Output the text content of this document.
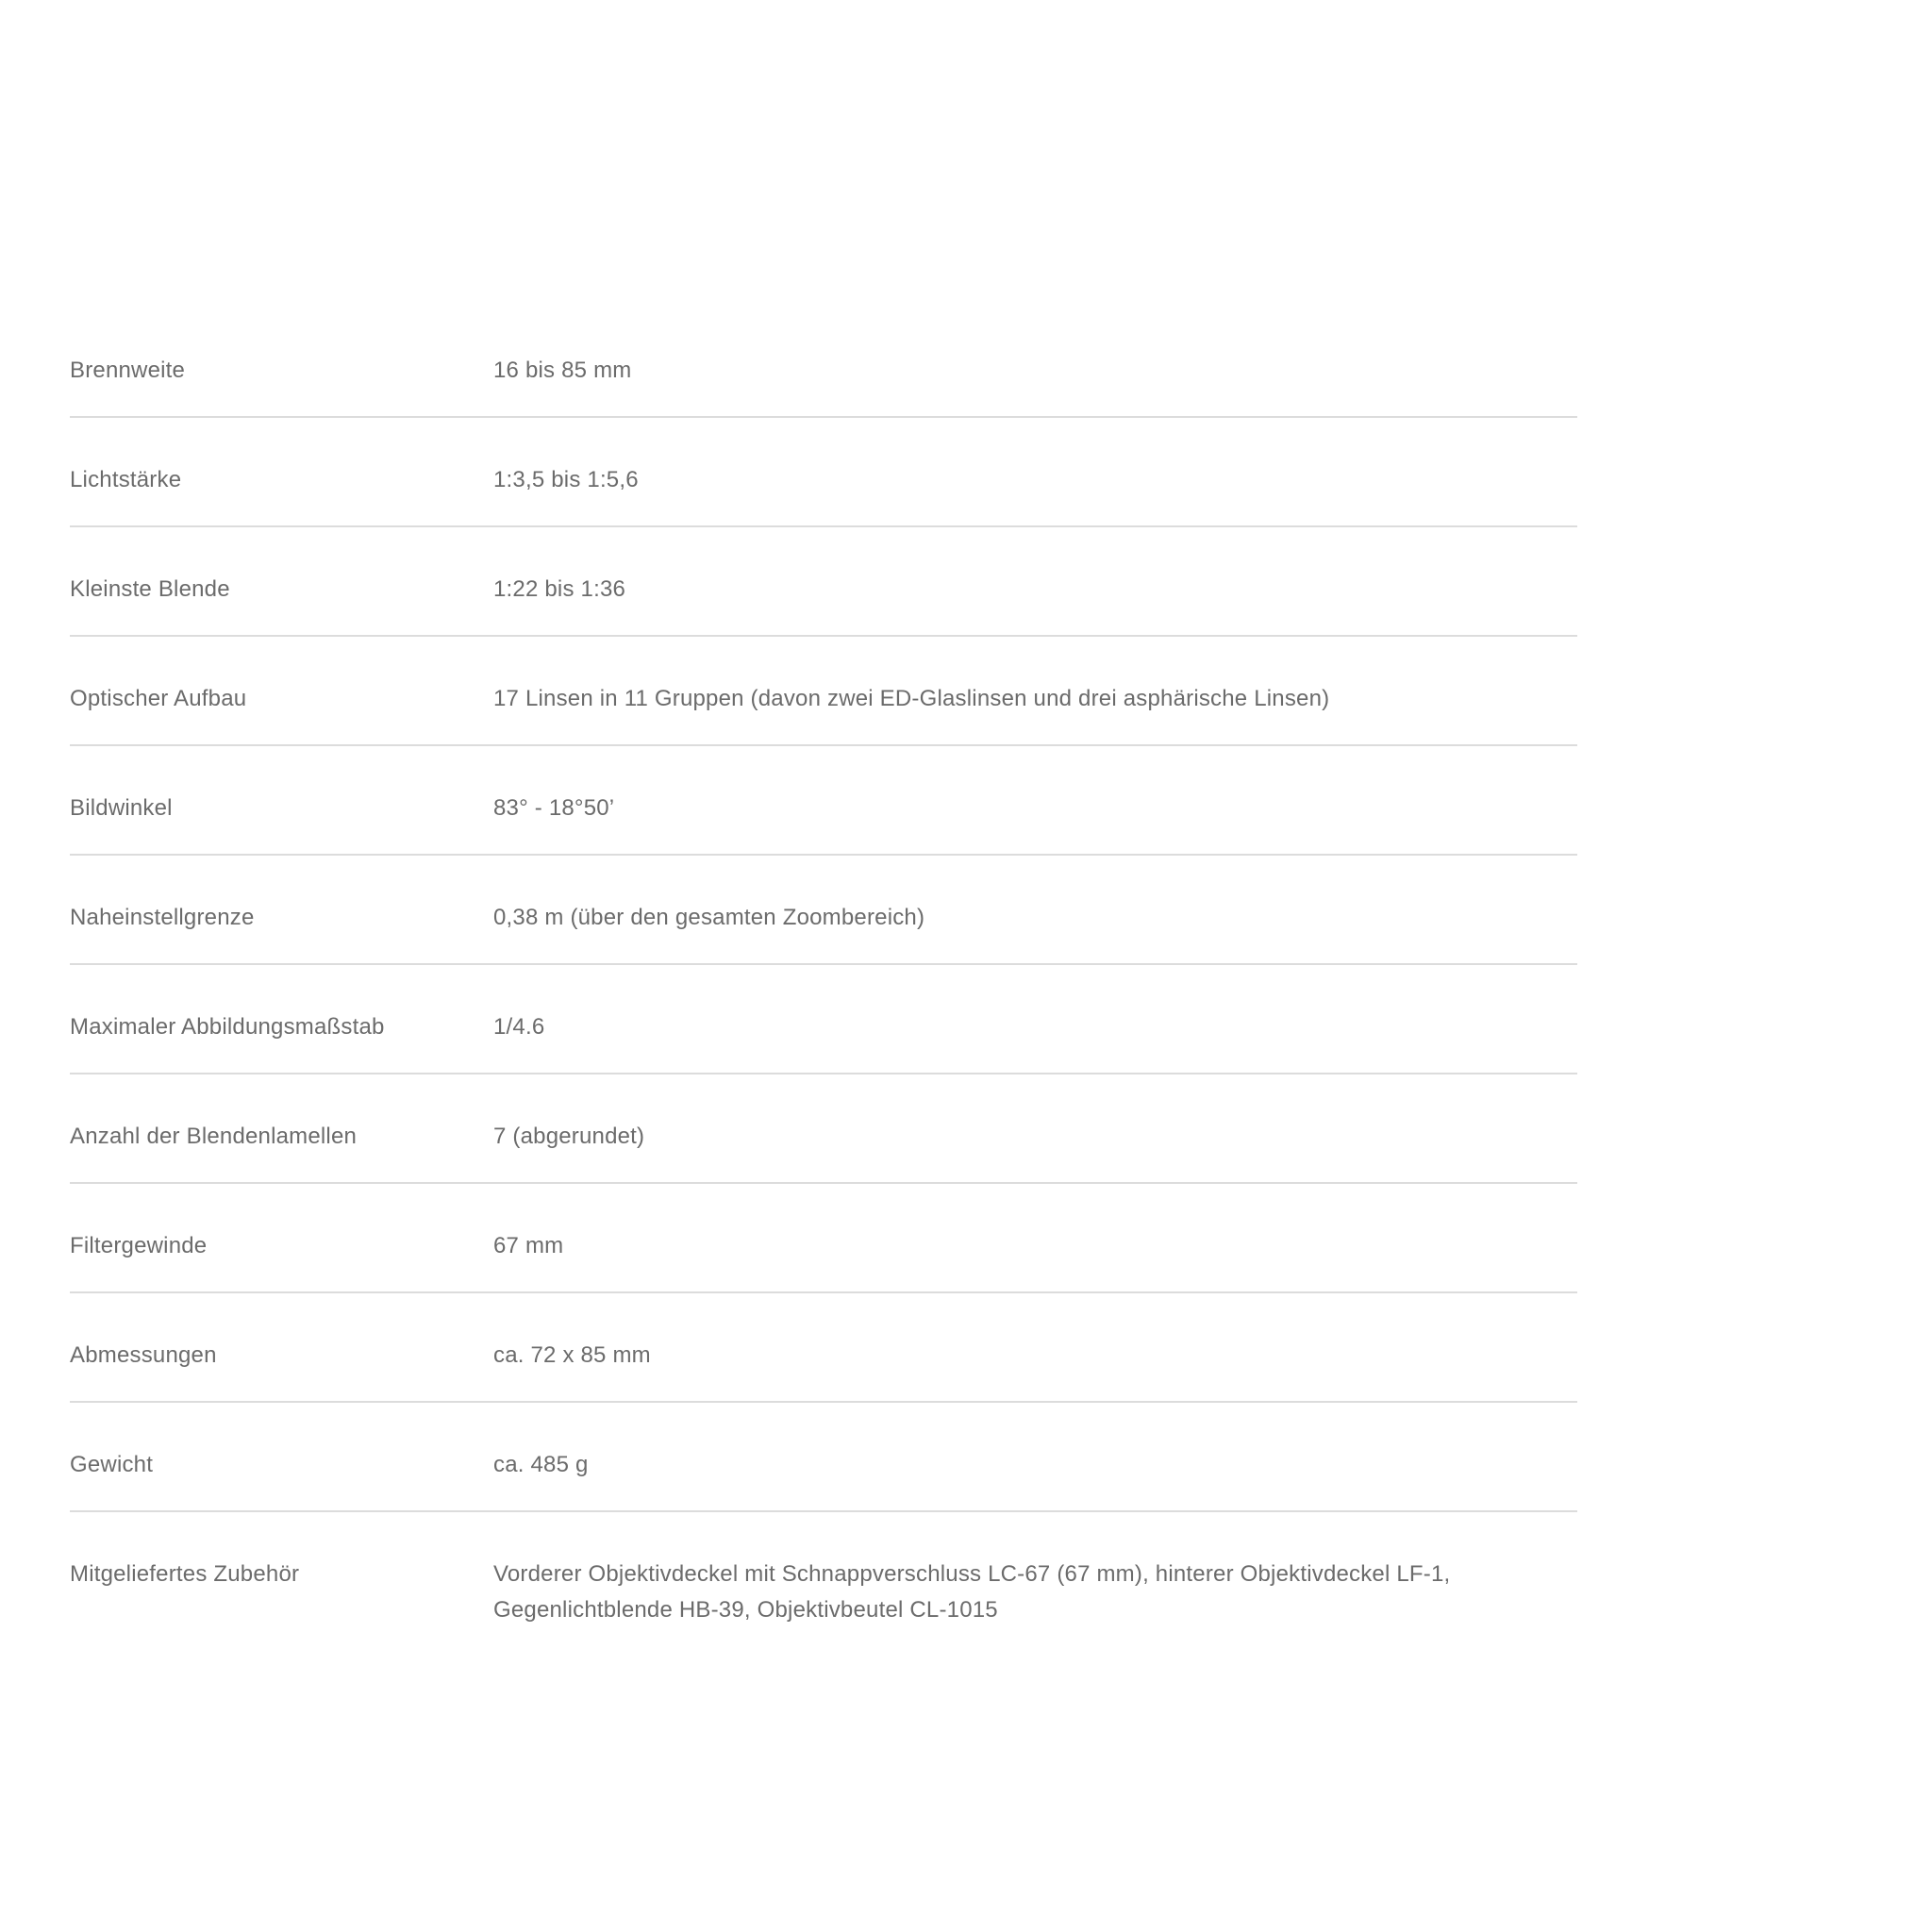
Brennweite	16 bis 85 mm
Lichtstärke	1:3,5 bis 1:5,6
Kleinste Blende	1:22 bis 1:36
Optischer Aufbau	17 Linsen in 11 Gruppen (davon zwei ED-Glaslinsen und drei asphärische Linsen)
Bildwinkel	83° - 18°50’
Naheinstellgrenze	0,38 m (über den gesamten Zoombereich)
Maximaler Abbildungsmaßstab	1/4.6
Anzahl der Blendenlamellen	7 (abgerundet)
Filtergewinde	67 mm
Abmessungen	ca. 72 x 85 mm
Gewicht	ca. 485 g
Mitgeliefertes Zubehör	Vorderer Objektivdeckel mit Schnappverschluss LC-67 (67 mm), hinterer Objektivdeckel LF-1, Gegenlichtblende HB-39, Objektivbeutel CL-1015
